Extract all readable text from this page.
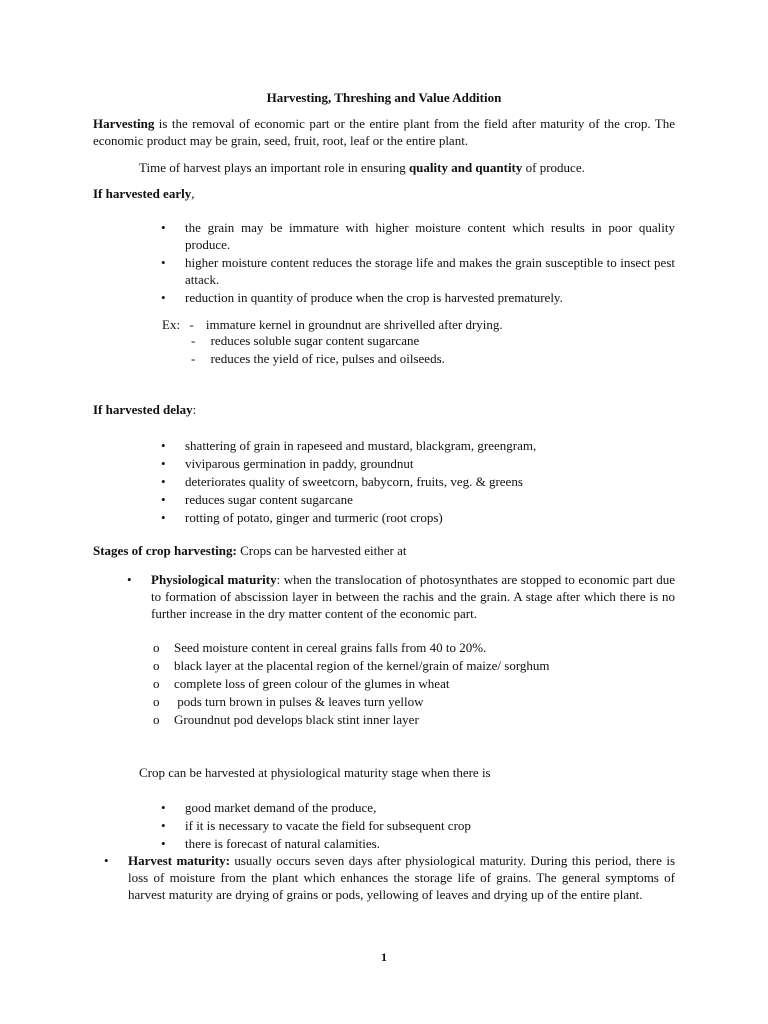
Harvesting, Threshing and Value Addition

Harvesting is the removal of economic part or the entire plant from the field after maturity of the crop. The economic product may be grain, seed, fruit, root, leaf or the entire plant.

Time of harvest plays an important role in ensuring quality and quantity of produce.

If harvested early,

• the grain may be immature with higher moisture content which results in poor quality produce.
• higher moisture content reduces the storage life and makes the grain susceptible to insect pest attack.
• reduction in quantity of produce when the crop is harvested prematurely.
Ex: - immature kernel in groundnut are shrivelled after drying.
- reduces soluble sugar content sugarcane
- reduces the yield of rice, pulses and oilseeds.

If harvested delay:

• shattering of grain in rapeseed and mustard, blackgram, greengram,
• viviparous germination in paddy, groundnut
• deteriorates quality of sweetcorn, babycorn, fruits, veg. & greens
• reduces sugar content sugarcane
• rotting of potato, ginger and turmeric (root crops)

Stages of crop harvesting: Crops can be harvested either at

• Physiological maturity: when the translocation of photosynthates are stopped to economic part due to formation of abscission layer in between the rachis and the grain. A stage after which there is no further increase in the dry matter content of the economic part.
o Seed moisture content in cereal grains falls from 40 to 20%.
o black layer at the placental region of the kernel/grain of maize/ sorghum
o complete loss of green colour of the glumes in wheat
o pods turn brown in pulses & leaves turn yellow
o Groundnut pod develops black stint inner layer

Crop can be harvested at physiological maturity stage when there is

• good market demand of the produce,
• if it is necessary to vacate the field for subsequent crop
• there is forecast of natural calamities.
• Harvest maturity: usually occurs seven days after physiological maturity. During this period, there is loss of moisture from the plant which enhances the storage life of grains. The general symptoms of harvest maturity are drying of grains or pods, yellowing of leaves and drying up of the entire plant.
1
